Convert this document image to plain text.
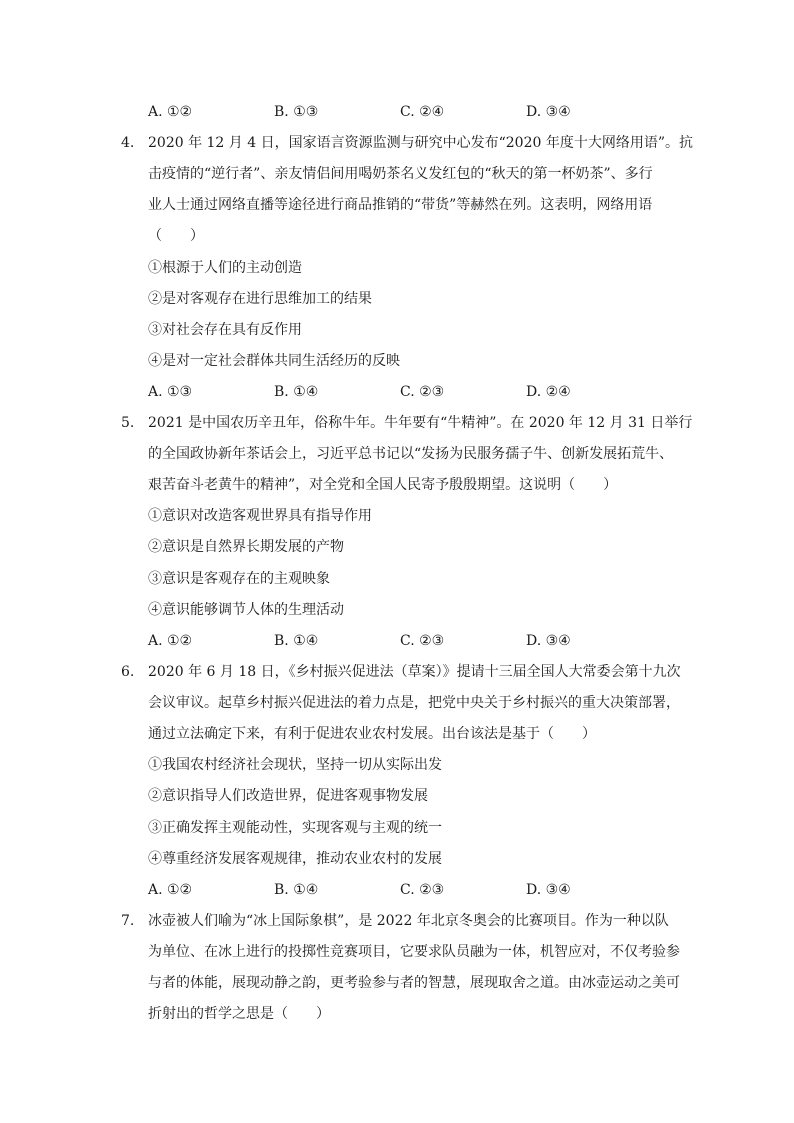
A. ①②	B. ①③	C. ②④	D. ③④
4. 2020 年 12 月 4 日，国家语言资源监测与研究中心发布“2020 年度十大网络用语”。抗
击疫情的“逆行者”、亲友情侣间用喝奶茶名义发红包的“秋天的第一杯奶茶”、多行
业人士通过网络直播等途径进行商品推销的“带货”等赫然在列。这表明，网络用语
（　　）
①根源于人们的主动创造
②是对客观存在进行思维加工的结果
③对社会存在具有反作用
④是对一定社会群体共同生活经历的反映
A. ①③	B. ①④	C. ②③	D. ②④
5. 2021 是中国农历辛丑年，俗称牛年。牛年要有“牛精神”。在 2020 年 12 月 31 日举行
的全国政协新年茶话会上，习近平总书记以“发扬为民服务孺子牛、创新发展拓荒牛、
艰苦奋斗老黄牛的精神”，对全党和全国人民寄予殷殷期望。这说明（　　）
①意识对改造客观世界具有指导作用
②意识是自然界长期发展的产物
③意识是客观存在的主观映象
④意识能够调节人体的生理活动
A. ①②	B. ①④	C. ②③	D. ③④
6. 2020 年 6 月 18 日，《乡村振兴促进法（草案）》提请十三届全国人大常委会第十九次
会议审议。起草乡村振兴促进法的着力点是，把党中央关于乡村振兴的重大决策部署，
通过立法确定下来，有利于促进农业农村发展。出台该法是基于（　　）
①我国农村经济社会现状，坚持一切从实际出发
②意识指导人们改造世界，促进客观事物发展
③正确发挥主观能动性，实现客观与主观的统一
④尊重经济发展客观规律，推动农业农村的发展
A. ①②	B. ①④	C. ②③	D. ③④
7. 冰壶被人们喻为“冰上国际象棋”，是 2022 年北京冬奥会的比赛项目。作为一种以队
为单位、在冰上进行的投掷性竞赛项目，它要求队员融为一体，机智应对，不仅考验参
与者的体能，展现动静之韵，更考验参与者的智慧，展现取舍之道。由冰壶运动之美可
折射出的哲学之思是（　　）
